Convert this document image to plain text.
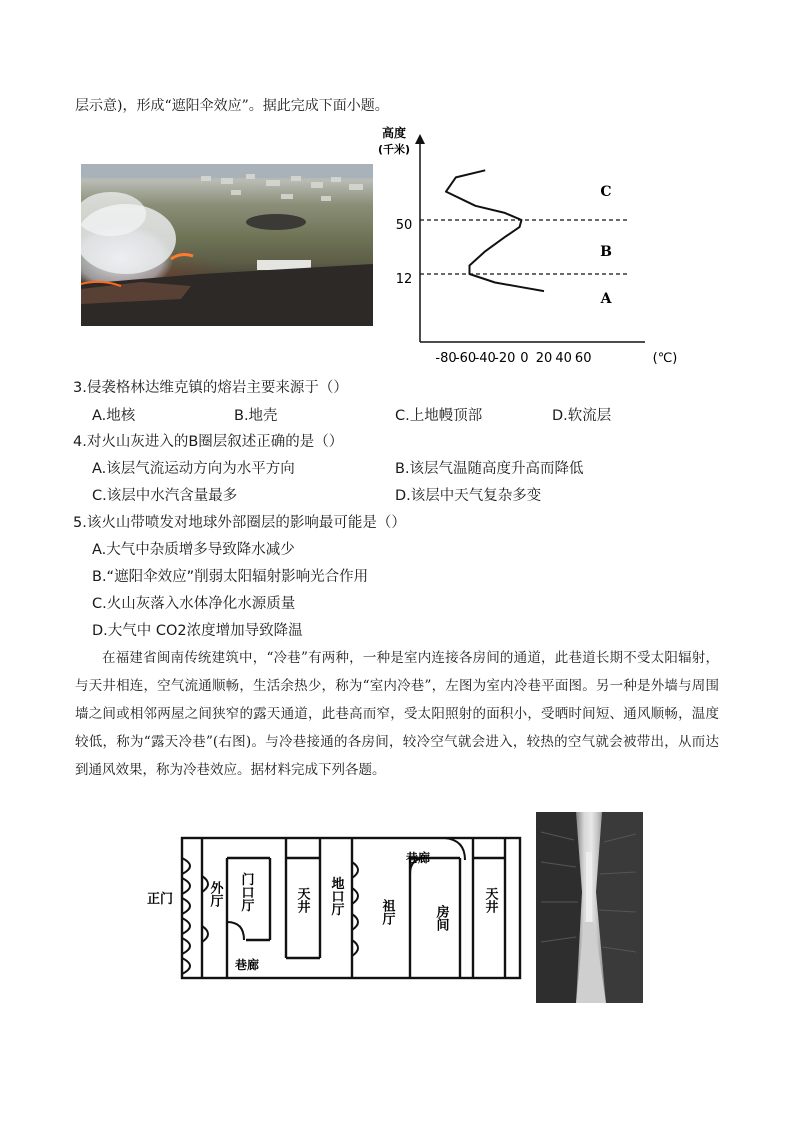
层示意)，形成“遮阳伞效应”。据此完成下面小题。
高度
(千米)
50
12
C
B
A
-80
-60
-40
-20 0 20 40 60	(℃)
3.侵袭格林达维克镇的熔岩主要来源于（）
A.地核	B.地壳	C.上地幔顶部	D.软流层
4.对火山灰进入的B圈层叙述正确的是（）
A.该层气流运动方向为水平方向	B.该层气温随高度升高而降低
C.该层中水汽含量最多	D.该层中天气复杂多变
5.该火山带喷发对地球外部圈层的影响最可能是（）
A.大气中杂质增多导致降水减少
B.“遮阳伞效应”削弱太阳辐射影响光合作用
C.火山灰落入水体净化水源质量
D.大气中 CO2浓度增加导致降温

在福建省闽南传统建筑中，“冷巷”有两种，一种是室内连接各房间的通道，此巷道长期不受太阳辐射，与天井相连，空气流通顺畅，生活余热少，称为“室内冷巷”，左图为室内冷巷平面图。另一种是外墙与周围墙之间或相邻两屋之间狭窄的露天通道，此巷高而窄，受太阳照射的面积小，受晒时间短、通风顺畅，温度较低，称为“露天冷巷”(右图)。与冷巷接通的各房间，较冷空气就会进入，较热的空气就会被带出，从而达到通风效果，称为冷巷效应。据材料完成下列各题。

正门	外厅 门口厅	天井 地口厅	祖厅	房间
天井
巷廊
巷廊
